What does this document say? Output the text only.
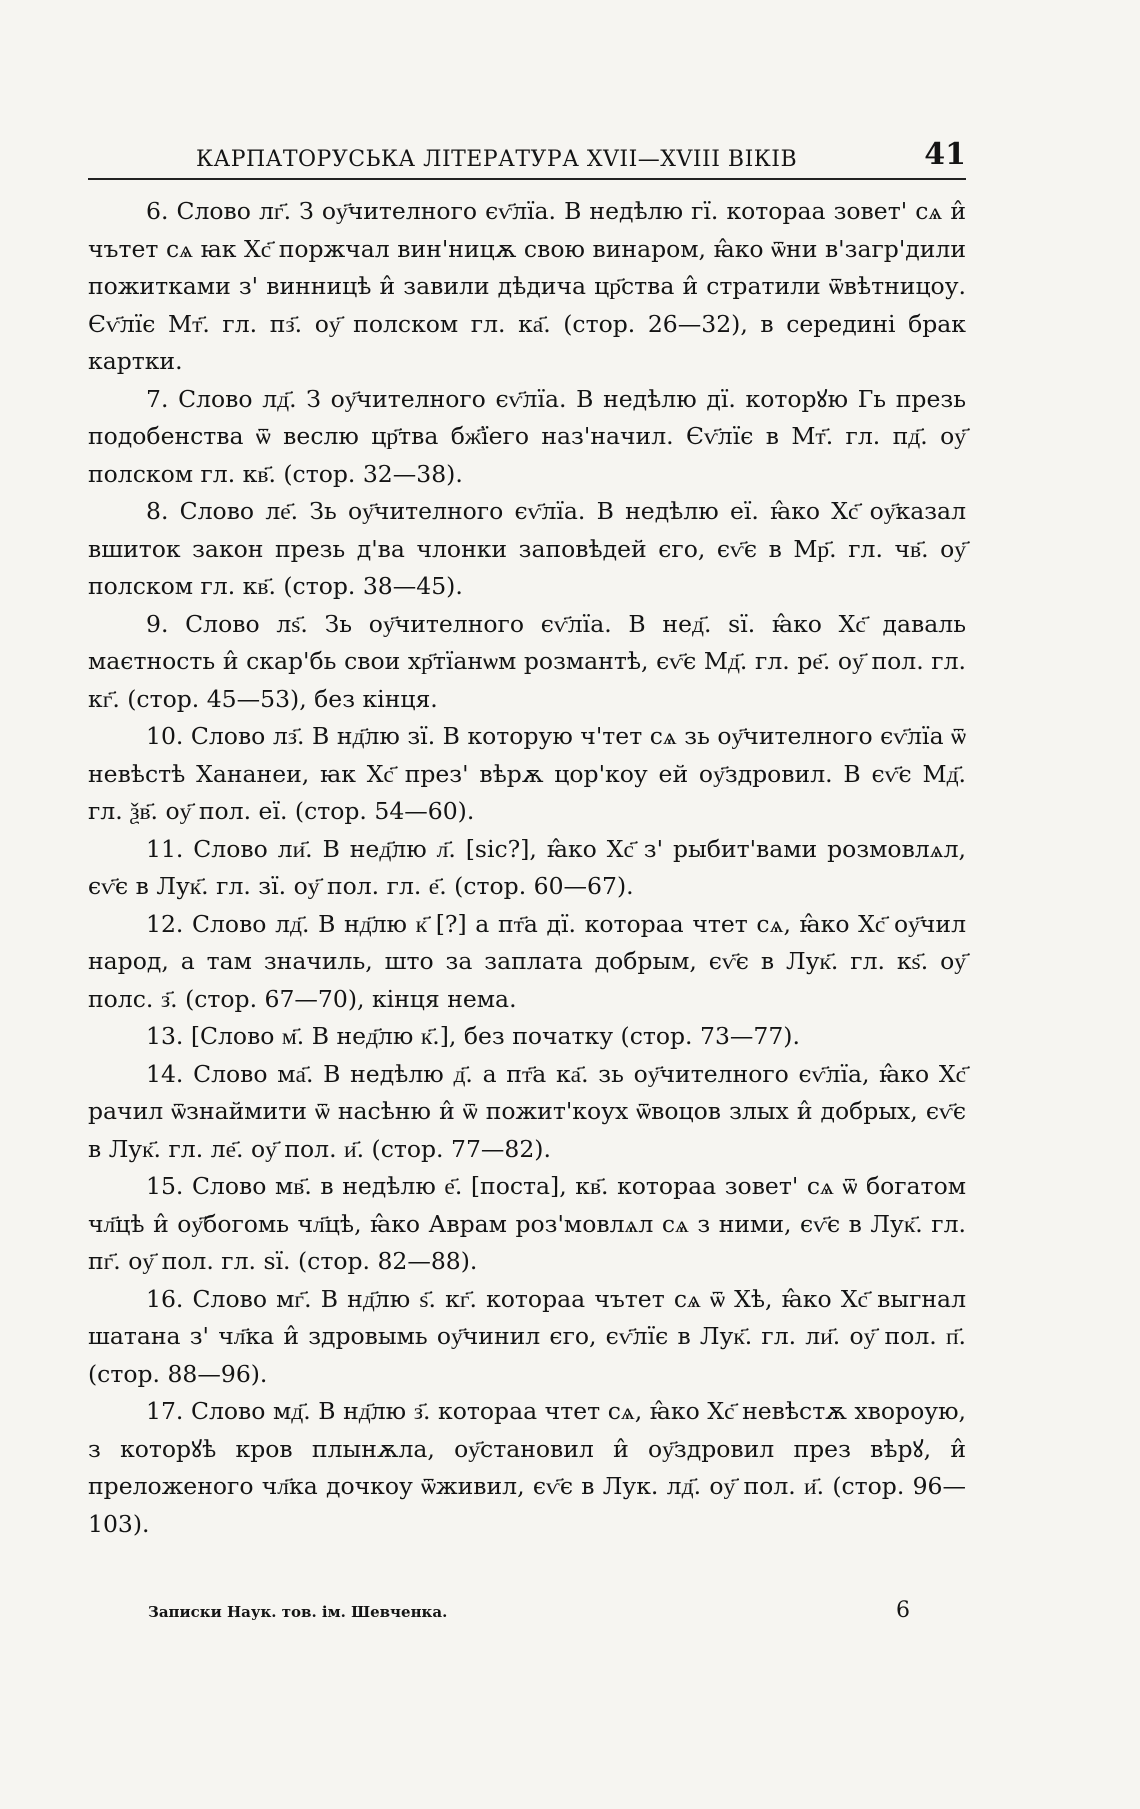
КАРПАТОРУСЬКА ЛІТЕРАТУРА XVII—XVIII ВІКІВ	41

6. Слово лг҃. З оу҃чителного єѵ҃лїа. В недѣлю гї. котораа зовет' сѧ и̂ чътет сѧ ꙗк Хс҃ поржчал вин'ницѫ свою винаром, ꙗ̂ко ѿни в'загр'дили пожитками з' винницѣ и̂ завили дѣдича цр҃ства и̂ стратили ѿвѣтницоу. Єѵ҃лїє Мт҃. гл. пз҃. оу҃ полском гл. ка҃. (стор. 26—32), в середині брак картки.

7. Слово лд҃. З оу҃чителного єѵ҃лїа. В недѣлю дї. которꙋю Гь презь подобенства ѿ веслю цр҃тва бж҃їего наз'начил. Єѵ҃лїє в Мт҃. гл. пд҃. оу҃ полском гл. кв҃. (стор. 32—38).

8. Слово ле҃. Зь оу҃чителного єѵ҃лїа. В недѣлю еї. ꙗ̂ко Хс҃ оу҃казал вшиток закон презь д'ва члонки заповѣдей єго, єѵ҃є в Мр҃. гл. чв҃. оу҃ полском гл. кв҃. (стор. 38—45).

9. Слово лѕ҃. Зь оу҃чителного єѵ҃лїа. В нед҃. ѕї. ꙗ̂ко Хс҃ даваль маєтность и̂ скар'бь свои хр҃тїанѡм розмантѣ, єѵ҃є Мд҃. гл. ре҃. оу҃ пол. гл. кг҃. (стор. 45—53), без кінця.

10. Слово лз҃. В нд҃лю зї. В которую ч'тет сѧ зь оу҃чителного єѵ҃лїа ѿ невѣстѣ Хананеи, ꙗк Хс҃ през' вѣрѫ цор'коу ей оу҃здровил. В єѵ҃є Мд҃. гл. ѯв҃. оу҃ пол. еї. (стор. 54—60).

11. Слово ли҃. В нед҃лю л҃. [sic?], ꙗ̂ко Хс҃ з' рыбит'вами розмовлѧл, єѵ҃є в Лук҃. гл. зї. оу҃ пол. гл. е҃. (стор. 60—67).

12. Слово лд҃. В нд҃лю к҃ [?] а пт҃а дї. котораа чтет сѧ, ꙗ̂ко Хс҃ оу҃чил народ, а там значиль, што за заплата добрым, єѵ҃є в Лук҃. гл. кѕ҃. оу҃ полс. з҃. (стор. 67—70), кінця нема.

13. [Слово м҃. В нед҃лю к҃.], без початку (стор. 73—77).

14. Слово ма҃. В недѣлю д҃. а пт҃а ка҃. зь оу҃чителного єѵ҃лїа, ꙗ̂ко Хс҃ рачил ѿзнаймити ѿ насѣню и̂ ѿ пожит'коух ѿвоцов злых и̂ добрых, єѵ҃є в Лук҃. гл. ле҃. оу҃ пол. и҃. (стор. 77—82).

15. Слово мв҃. в недѣлю е҃. [поста], кв҃. котораа зовет' сѧ ѿ богатом чл҃цѣ и̂ оу҃богомь чл҃цѣ, ꙗ̂ко Аврам роз'мовлѧл сѧ з ними, єѵ҃є в Лук҃. гл. пг҃. оу҃ пол. гл. ѕї. (стор. 82—88).

16. Слово мг҃. В нд҃лю ѕ҃. кг҃. котораа чътет сѧ ѿ Хѣ, ꙗ̂ко Хс҃ выгнал шатана з' чл҃ка и̂ здровымь оу҃чинил єго, єѵ҃лїє в Лук҃. гл. ли҃. оу҃ пол. п҃. (стор. 88—96).

17. Слово мд҃. В нд҃лю з҃. котораа чтет сѧ, ꙗ̂ко Хс҃ невѣстѫ хвороую, з которꙋѣ кров плынѫла, оу҃становил и̂ оу҃здровил през вѣрꙋ, и̂ преложеного чл҃ка дочкоу ѿживил, єѵ҃є в Лук. лд҃. оу҃ пол. и҃. (стор. 96—103).

Записки Наук. тов. ім. Шевченка.	6
